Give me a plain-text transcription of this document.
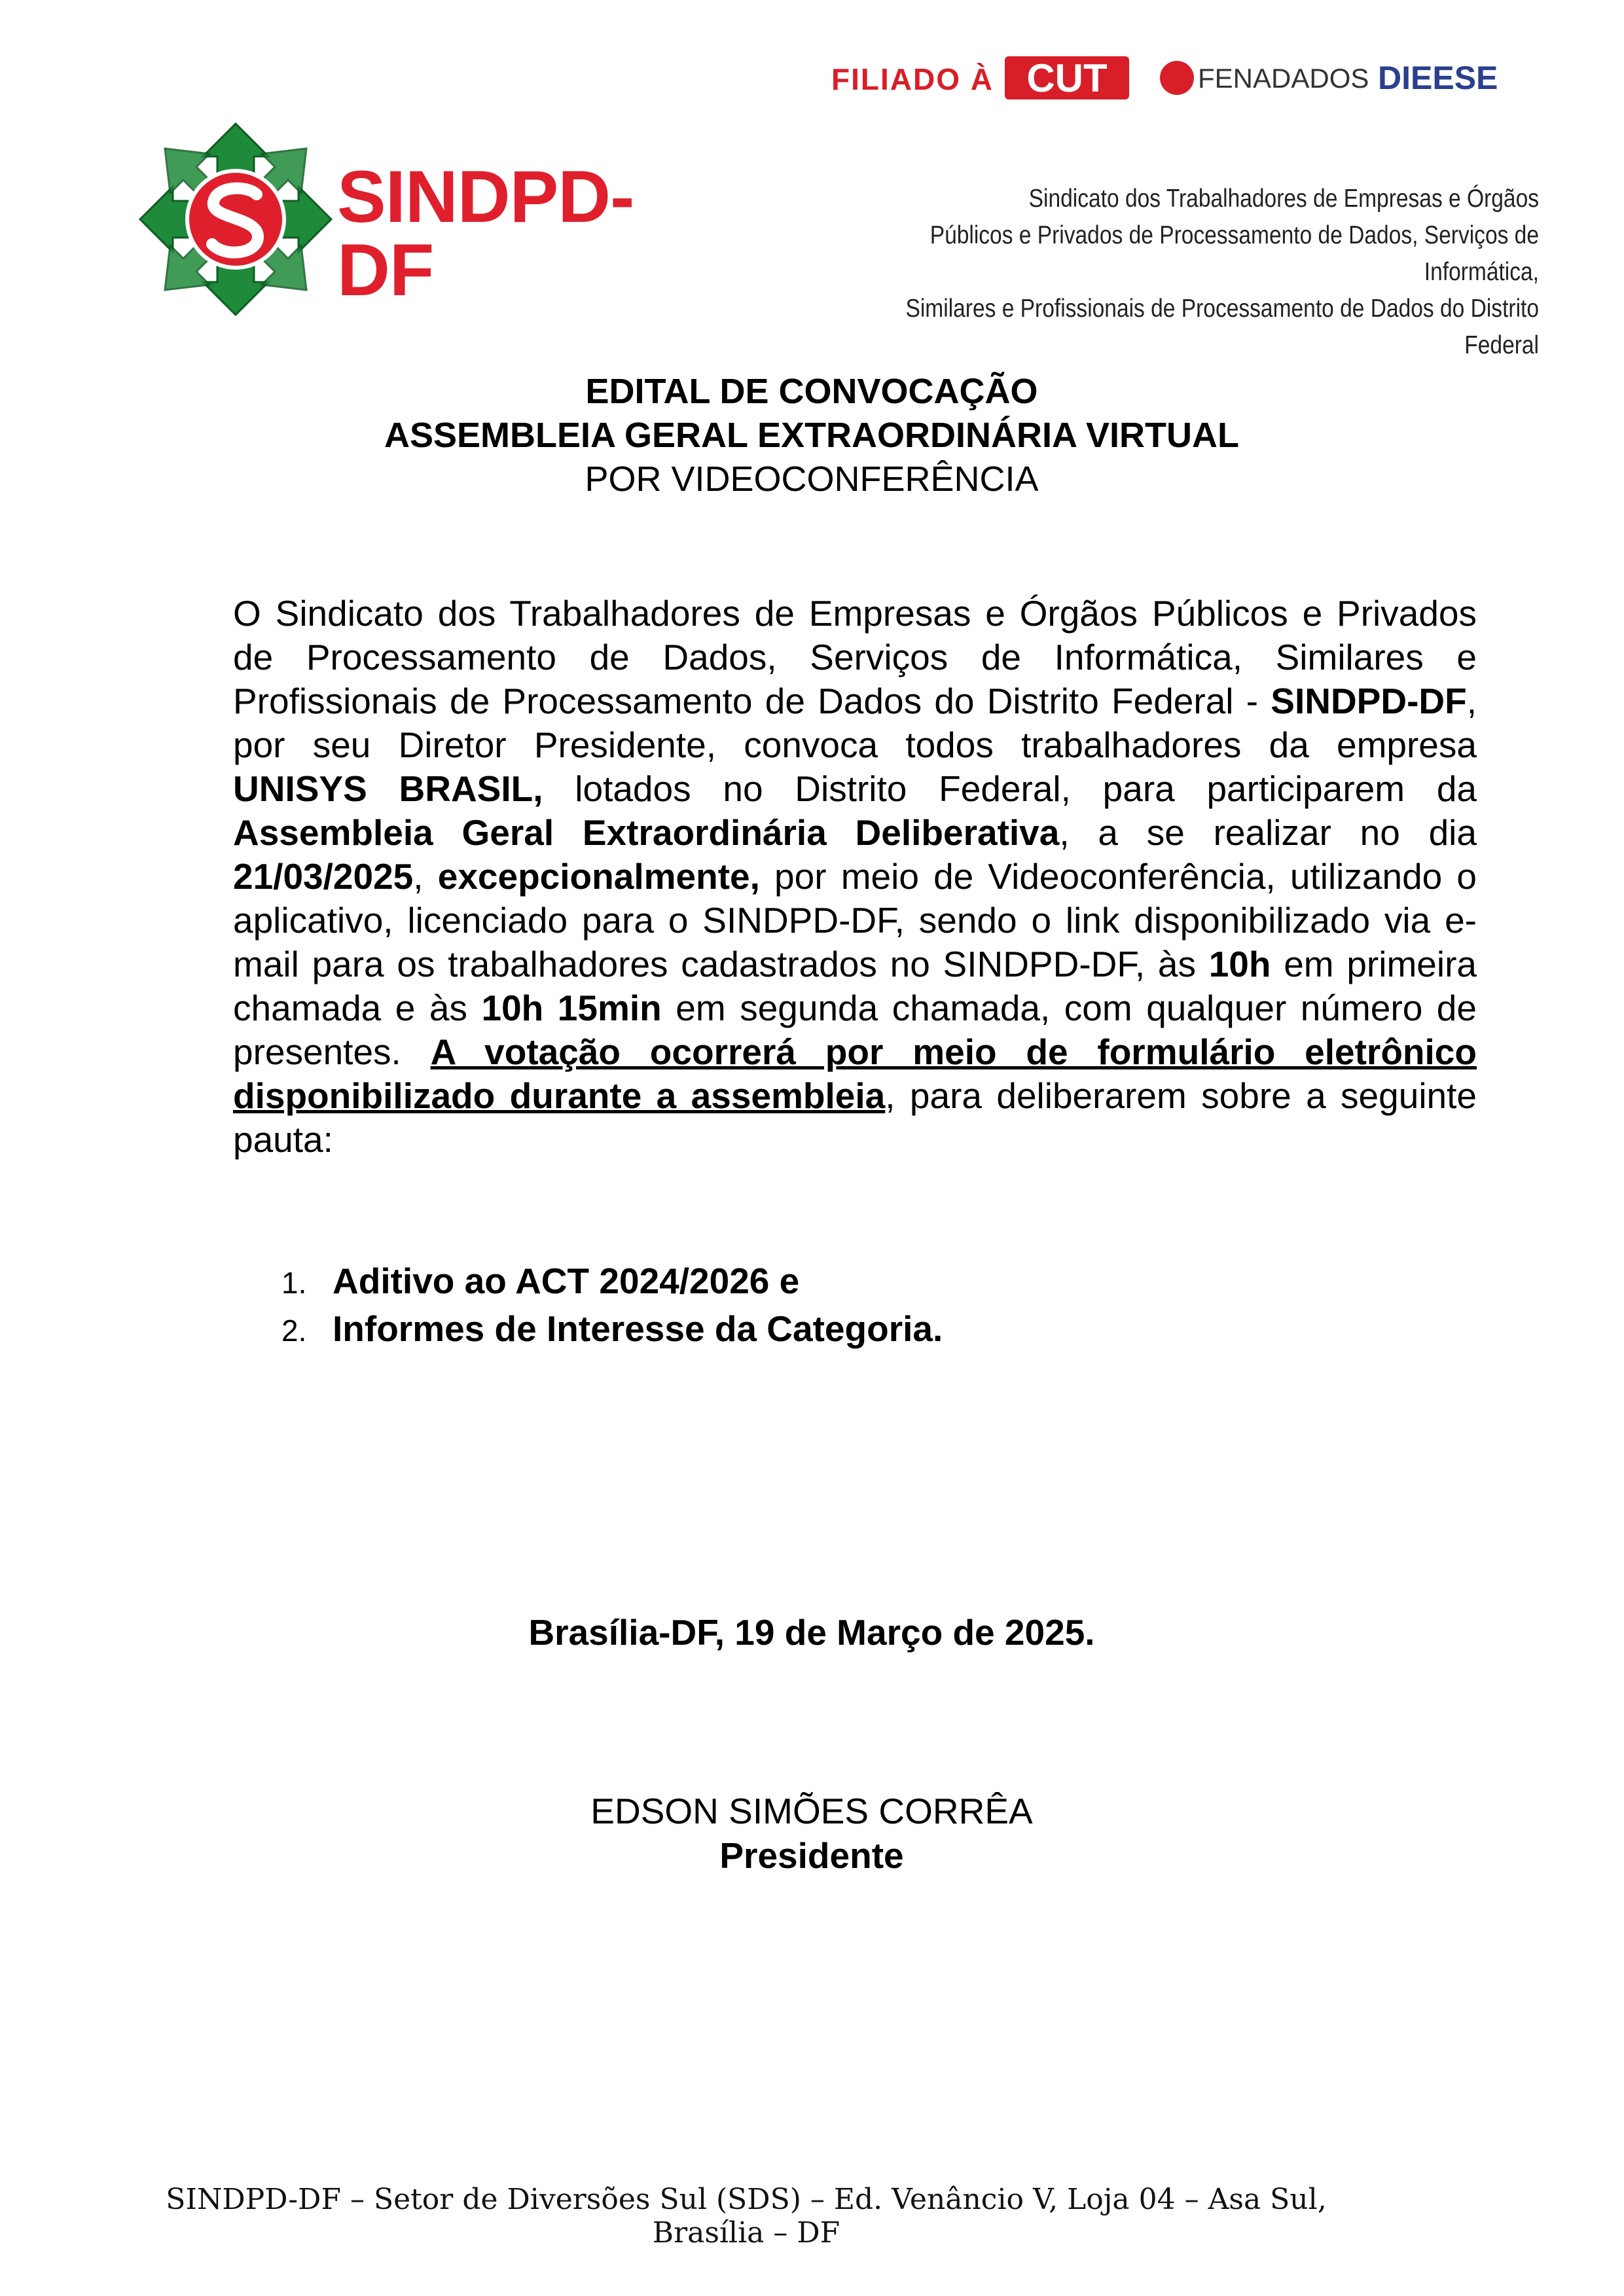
FILIADO À CUT	FENADADOS DIEESE
SINDPD-DF
Sindicato dos Trabalhadores de Empresas e Órgãos
Públicos e Privados de Processamento de Dados, Serviços de Informática,
Similares e Profissionais de Processamento de Dados do Distrito Federal
EDITAL DE CONVOCAÇÃO
ASSEMBLEIA GERAL EXTRAORDINÁRIA VIRTUAL
POR VIDEOCONFERÊNCIA
O Sindicato dos Trabalhadores de Empresas e Órgãos Públicos e Privados de Processamento de Dados, Serviços de Informática, Similares e Profissionais de Processamento de Dados do Distrito Federal - SINDPD-DF, por seu Diretor Presidente, convoca todos trabalhadores da empresa UNISYS BRASIL, lotados no Distrito Federal, para participarem da Assembleia Geral Extraordinária Deliberativa, a se realizar no dia 21/03/2025, excepcionalmente, por meio de Videoconferência, utilizando o aplicativo, licenciado para o SINDPD-DF, sendo o link disponibilizado via e-mail para os trabalhadores cadastrados no SINDPD-DF, às 10h em primeira chamada e às 10h 15min em segunda chamada, com qualquer número de presentes. A votação ocorrerá por meio de formulário eletrônico disponibilizado durante a assembleia, para deliberarem sobre a seguinte pauta:
1. Aditivo ao ACT 2024/2026 e
2. Informes de Interesse da Categoria.
Brasília-DF, 19 de Março de 2025.
EDSON SIMÕES CORRÊA
Presidente
SINDPD-DF – Setor de Diversões Sul (SDS) – Ed. Venâncio V, Loja 04 – Asa Sul, Brasília – DF
